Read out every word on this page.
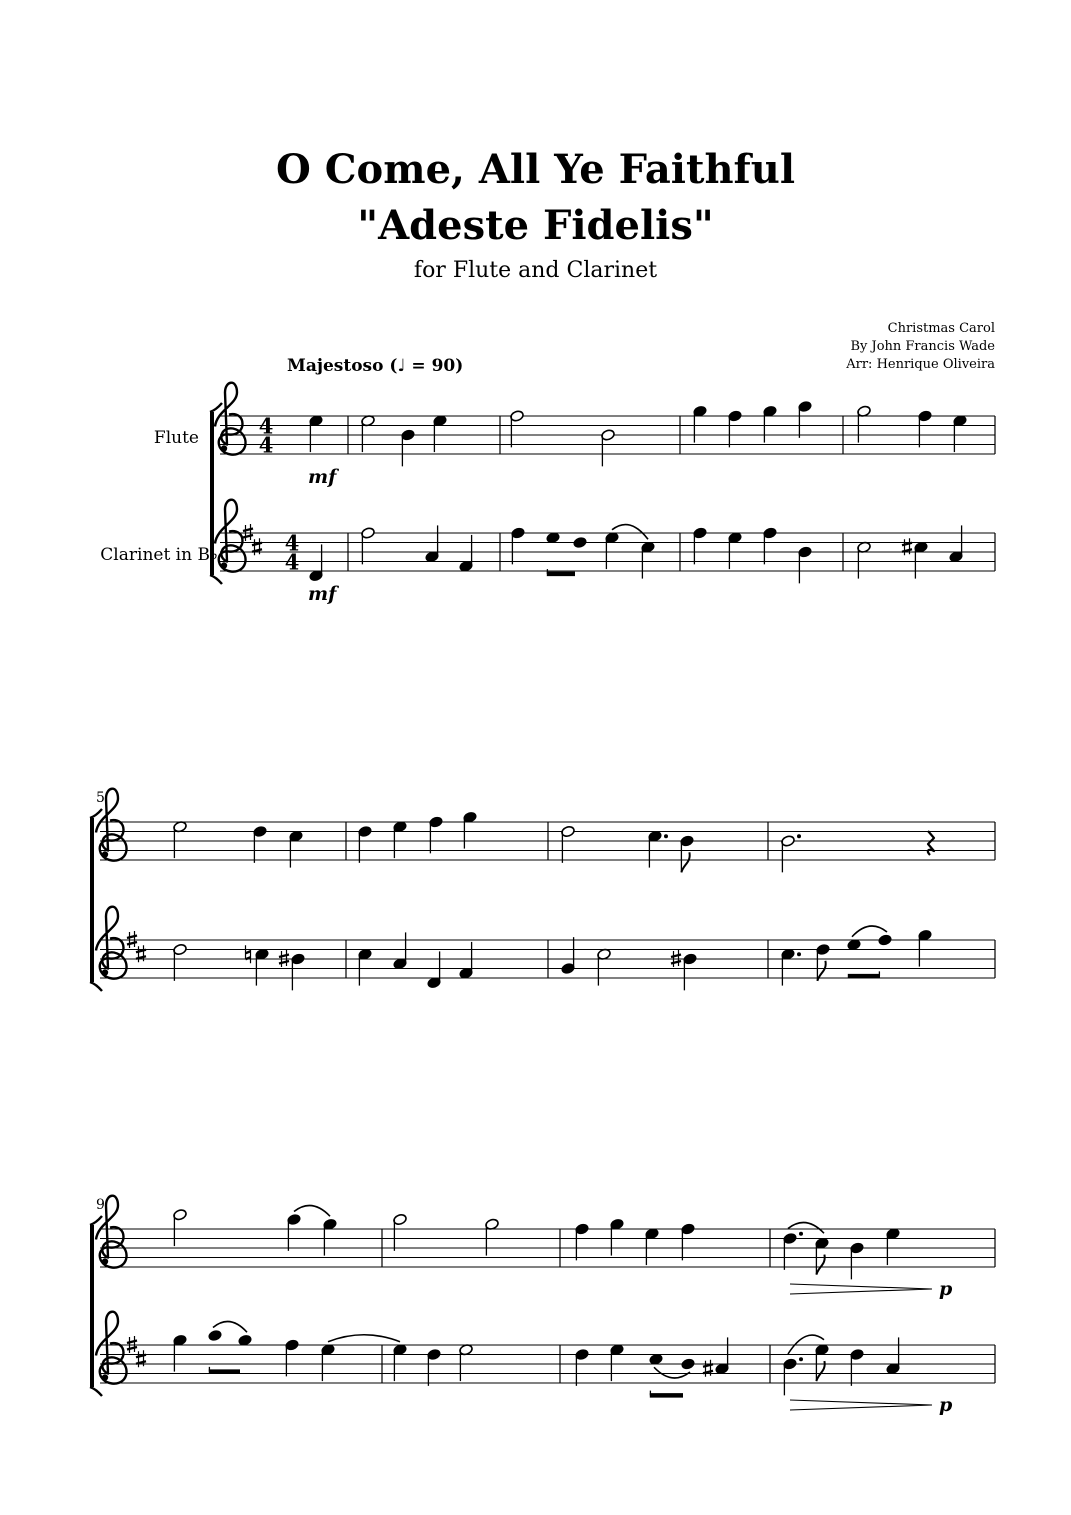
O Come, All Ye Faithful
"Adeste Fidelis"
for Flute and Clarinet
Christmas Carol
By John Francis Wade
Arr: Henrique Oliveira
Majestoso (♩ = 90)
4
4
4
4
Flute
Clarinet in B♭
5
9
mf
mf
p
p
